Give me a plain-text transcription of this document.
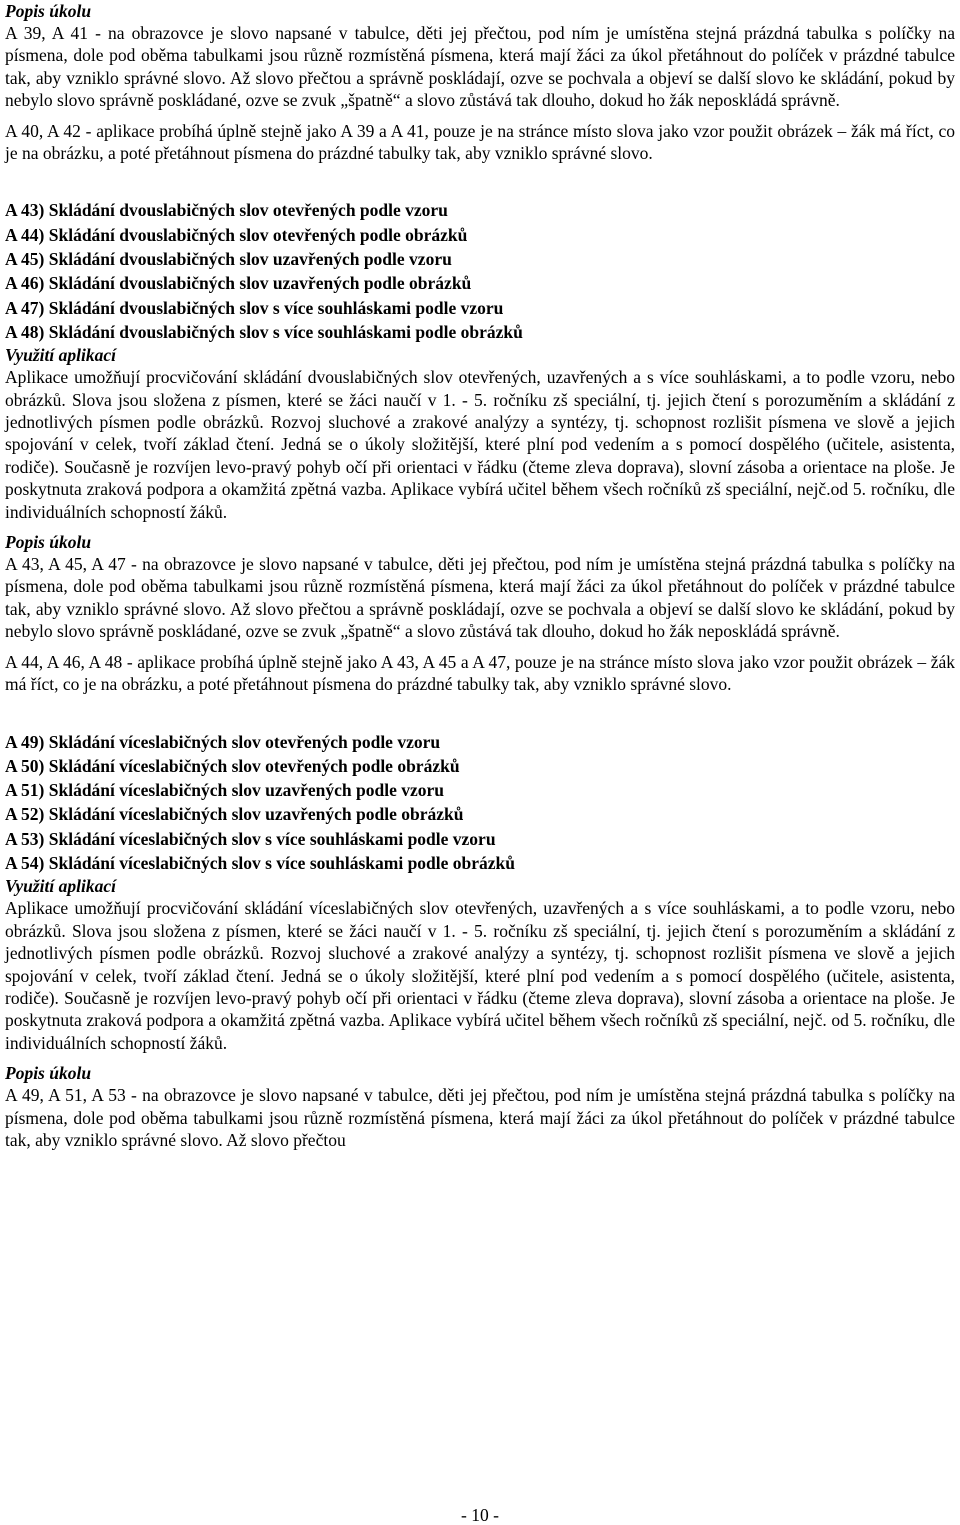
Popis úkolu

A 39, A 41 - na obrazovce je slovo napsané v tabulce, děti jej přečtou, pod ním je umístěna stejná prázdná tabulka s políčky na písmena, dole pod oběma tabulkami jsou různě rozmístěná písmena, která mají žáci za úkol přetáhnout do políček v prázdné tabulce tak, aby vzniklo správné slovo. Až slovo přečtou a správně poskládají, ozve se pochvala a objeví se další slovo ke skládání, pokud by nebylo slovo správně poskládané, ozve se zvuk „špatně“ a slovo zůstává tak dlouho, dokud ho žák neposkládá správně.

A 40, A 42 - aplikace probíhá úplně stejně jako A 39 a A 41, pouze je na stránce místo slova jako vzor použit obrázek – žák má říct, co je na obrázku, a poté přetáhnout písmena do prázdné tabulky tak, aby vzniklo správné slovo.

A 43) Skládání dvouslabičných slov otevřených podle vzoru
A 44) Skládání dvouslabičných slov otevřených podle obrázků
A 45) Skládání dvouslabičných slov uzavřených podle vzoru
A 46) Skládání dvouslabičných slov uzavřených podle obrázků
A 47) Skládání dvouslabičných slov s více souhláskami podle vzoru
A 48) Skládání dvouslabičných slov s více souhláskami podle obrázků

Využití aplikací

Aplikace umožňují procvičování skládání dvouslabičných slov otevřených, uzavřených a s více souhláskami, a to podle vzoru, nebo obrázků. Slova jsou složena z písmen, které se žáci naučí v 1. - 5. ročníku zš speciální, tj. jejich čtení s porozuměním a skládání z jednotlivých písmen podle obrázků. Rozvoj sluchové a zrakové analýzy a syntézy, tj. schopnost rozlišit písmena ve slově a jejich spojování v celek, tvoří základ čtení. Jedná se o úkoly složitější, které plní pod vedením a s pomocí dospělého (učitele, asistenta, rodiče). Současně je rozvíjen levo-pravý pohyb očí při orientaci v řádku (čteme zleva doprava), slovní zásoba a orientace na ploše. Je poskytnuta zraková podpora a okamžitá zpětná vazba. Aplikace vybírá učitel během všech ročníků zš speciální, nejč.od 5. ročníku, dle individuálních schopností žáků.

Popis úkolu

A 43, A 45, A 47 - na obrazovce je slovo napsané v tabulce, děti jej přečtou, pod ním je umístěna stejná prázdná tabulka s políčky na písmena, dole pod oběma tabulkami jsou různě rozmístěná písmena, která mají žáci za úkol přetáhnout do políček v prázdné tabulce tak, aby vzniklo správné slovo. Až slovo přečtou a správně poskládají, ozve se pochvala a objeví se další slovo ke skládání, pokud by nebylo slovo správně poskládané, ozve se zvuk „špatně“ a slovo zůstává tak dlouho, dokud ho žák neposkládá správně.

A 44, A 46, A 48 - aplikace probíhá úplně stejně jako A 43, A 45 a A 47, pouze je na stránce místo slova jako vzor použit obrázek – žák má říct, co je na obrázku, a poté přetáhnout písmena do prázdné tabulky tak, aby vzniklo správné slovo.

A 49) Skládání víceslabičných slov otevřených podle vzoru
A 50) Skládání víceslabičných slov otevřených podle obrázků
A 51) Skládání víceslabičných slov uzavřených podle vzoru
A 52) Skládání víceslabičných slov uzavřených podle obrázků
A 53) Skládání víceslabičných slov s více souhláskami podle vzoru
A 54) Skládání víceslabičných slov s více souhláskami podle obrázků

Využití aplikací

Aplikace umožňují procvičování skládání víceslabičných slov otevřených, uzavřených a s více souhláskami, a to podle vzoru, nebo obrázků. Slova jsou složena z písmen, které se žáci naučí v 1. - 5. ročníku zš speciální, tj. jejich čtení s porozuměním a skládání z jednotlivých písmen podle obrázků. Rozvoj sluchové a zrakové analýzy a syntézy, tj. schopnost rozlišit písmena ve slově a jejich spojování v celek, tvoří základ čtení. Jedná se o úkoly složitější, které plní pod vedením a s pomocí dospělého (učitele, asistenta, rodiče). Současně je rozvíjen levo-pravý pohyb očí při orientaci v řádku (čteme zleva doprava), slovní zásoba a orientace na ploše. Je poskytnuta zraková podpora a okamžitá zpětná vazba. Aplikace vybírá učitel během všech ročníků zš speciální, nejč. od 5. ročníku, dle individuálních schopností žáků.

Popis úkolu

A 49, A 51, A 53 - na obrazovce je slovo napsané v tabulce, děti jej přečtou, pod ním je umístěna stejná prázdná tabulka s políčky na písmena, dole pod oběma tabulkami jsou různě rozmístěná písmena, která mají žáci za úkol přetáhnout do políček v prázdné tabulce tak, aby vzniklo správné slovo. Až slovo přečtou

- 10 -
